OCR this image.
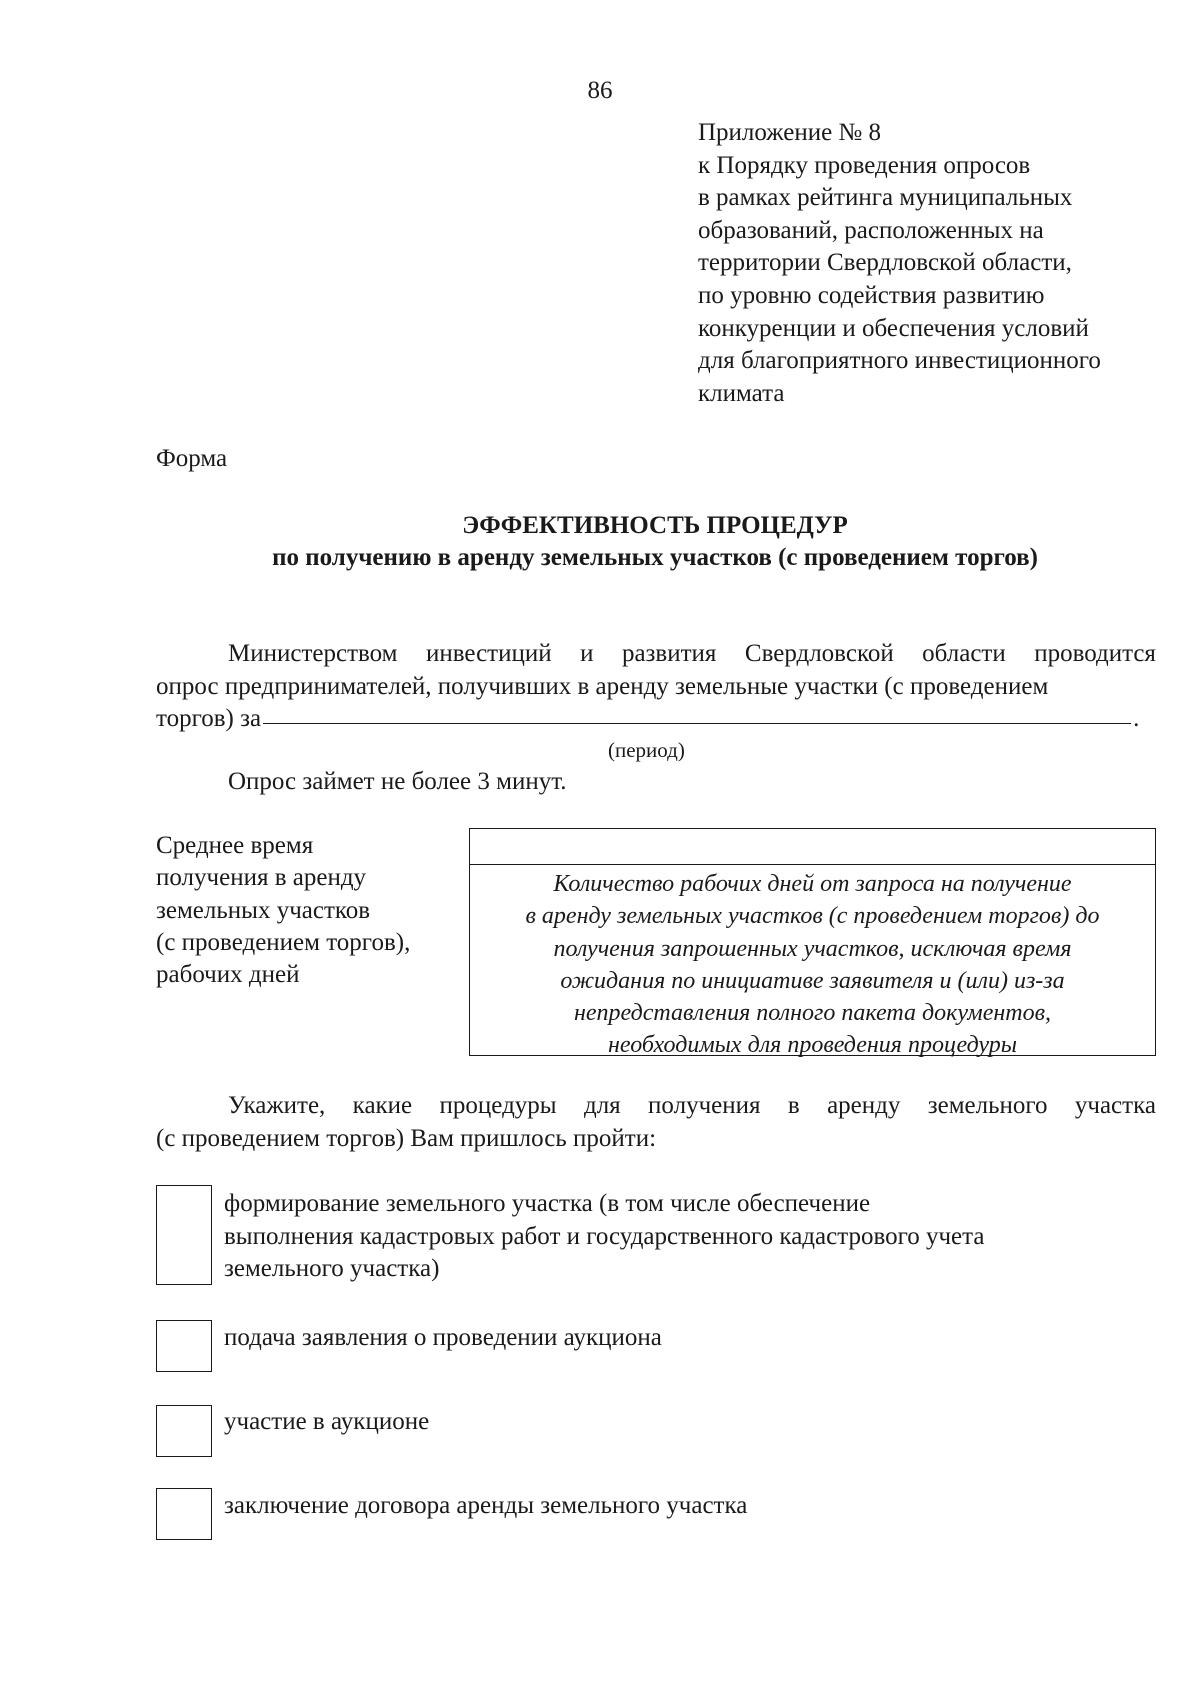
86
Приложение № 8
к Порядку проведения опросов
в рамках рейтинга муниципальных
образований, расположенных на
территории Свердловской области,
по уровню содействия развитию
конкуренции и обеспечения условий
для благоприятного инвестиционного
климата
Форма
ЭФФЕКТИВНОСТЬ ПРОЦЕДУР
по получению в аренду земельных участков (с проведением торгов)
Министерством инвестиций и развития Свердловской области проводится
опрос предпринимателей, получивших в аренду земельные участки (с проведением
торгов) за	.
(период)
Опрос займет не более 3 минут.
Среднее время
получения в аренду
земельных участков
(с проведением торгов),
рабочих дней
Количество рабочих дней от запроса на получение
в аренду земельных участков (с проведением торгов) до
получения запрошенных участков, исключая время
ожидания по инициативе заявителя и (или) из-за
непредставления полного пакета документов,
необходимых для проведения процедуры
Укажите, какие процедуры для получения в аренду земельного участка
(с проведением торгов) Вам пришлось пройти:
формирование земельного участка (в том числе обеспечение
выполнения кадастровых работ и государственного кадастрового учета
земельного участка)
подача заявления о проведении аукциона
участие в аукционе
заключение договора аренды земельного участка
